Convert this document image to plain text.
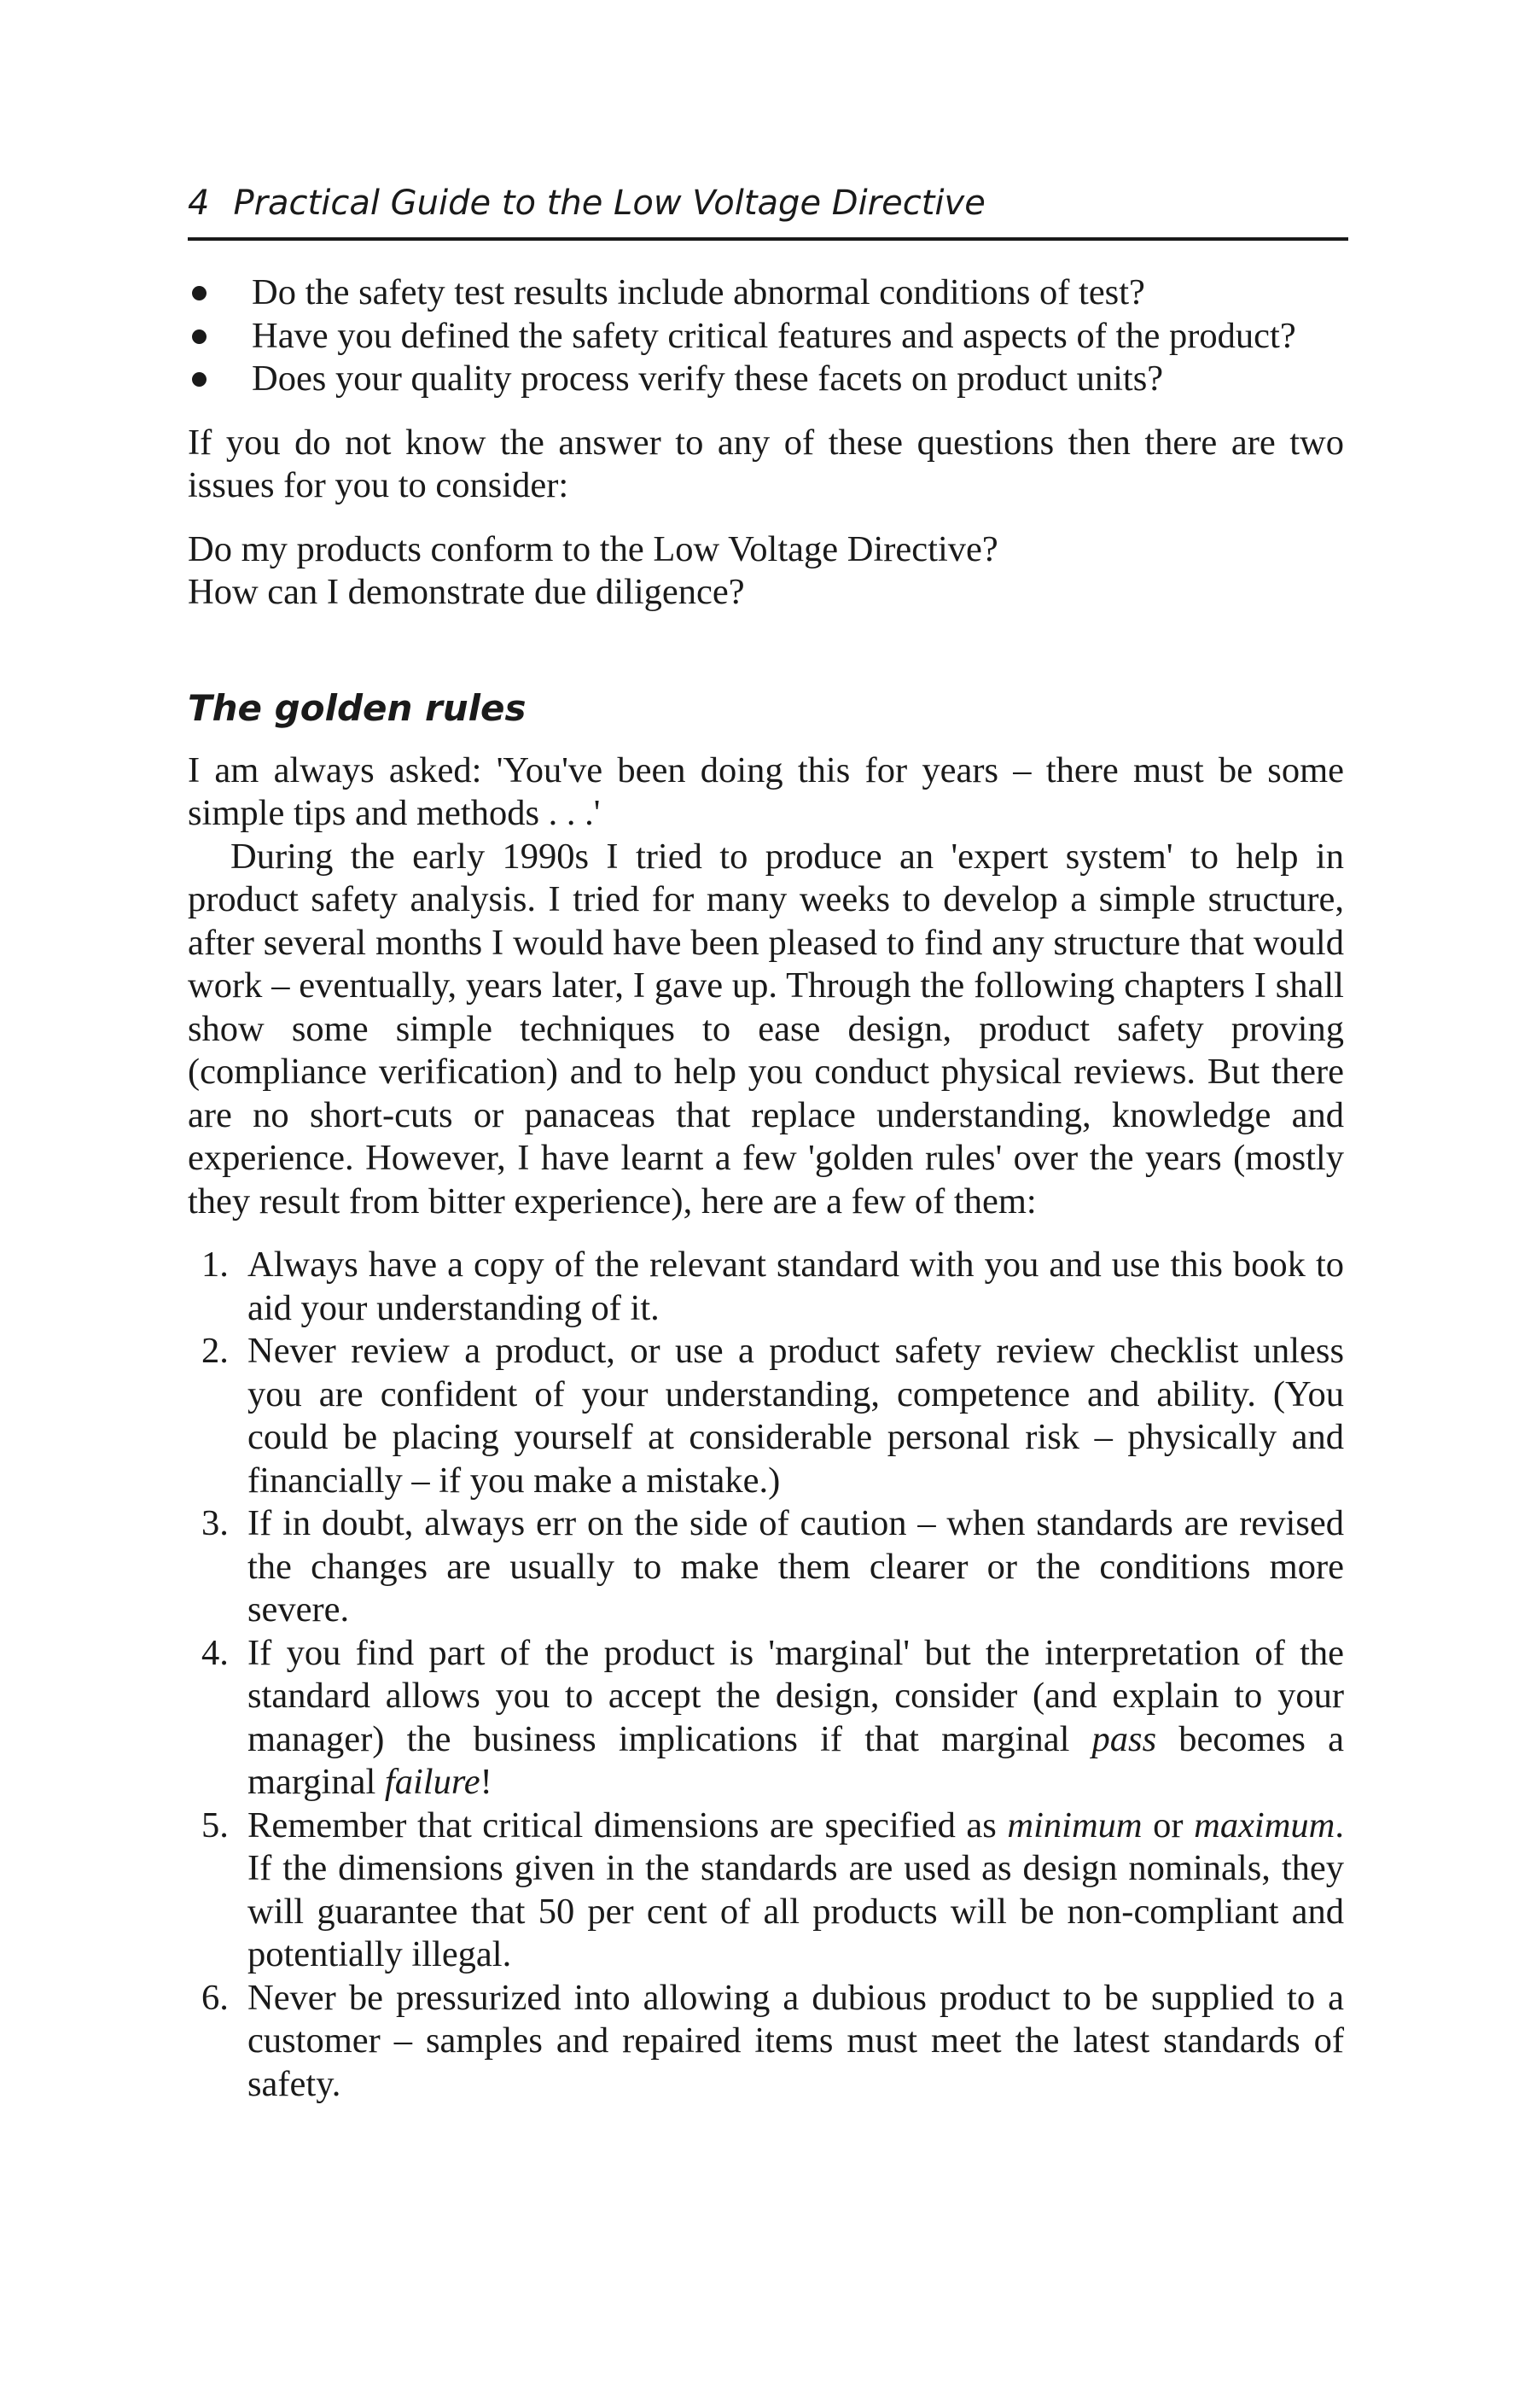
4 Practical Guide to the Low Voltage Directive
Do the safety test results include abnormal conditions of test?
Have you defined the safety critical features and aspects of the product?
Does your quality process verify these facets on product units?

If you do not know the answer to any of these questions then there are two issues for you to consider:

Do my products conform to the Low Voltage Directive?

How can I demonstrate due diligence?

The golden rules

I am always asked: 'You've been doing this for years – there must be some simple tips and methods . . .'

During the early 1990s I tried to produce an 'expert system' to help in product safety analysis. I tried for many weeks to develop a simple structure, after several months I would have been pleased to find any structure that would work – eventually, years later, I gave up. Through the following chapters I shall show some simple techniques to ease design, product safety proving (compliance verification) and to help you conduct physical reviews. But there are no short-cuts or panaceas that replace understanding, knowledge and experience. However, I have learnt a few 'golden rules' over the years (mostly they result from bitter experience), here are a few of them:

1. Always have a copy of the relevant standard with you and use this book to aid your understanding of it.
2. Never review a product, or use a product safety review checklist unless you are confident of your understanding, competence and ability. (You could be placing yourself at considerable personal risk – physically and financially – if you make a mistake.)
3. If in doubt, always err on the side of caution – when standards are revised the changes are usually to make them clearer or the conditions more severe.
4. If you find part of the product is 'marginal' but the interpretation of the standard allows you to accept the design, consider (and explain to your manager) the business implications if that marginal pass becomes a marginal failure!
5. Remember that critical dimensions are specified as minimum or maximum. If the dimensions given in the standards are used as design nominals, they will guarantee that 50 per cent of all products will be non-compliant and potentially illegal.
6. Never be pressurized into allowing a dubious product to be supplied to a customer – samples and repaired items must meet the latest standards of safety.
